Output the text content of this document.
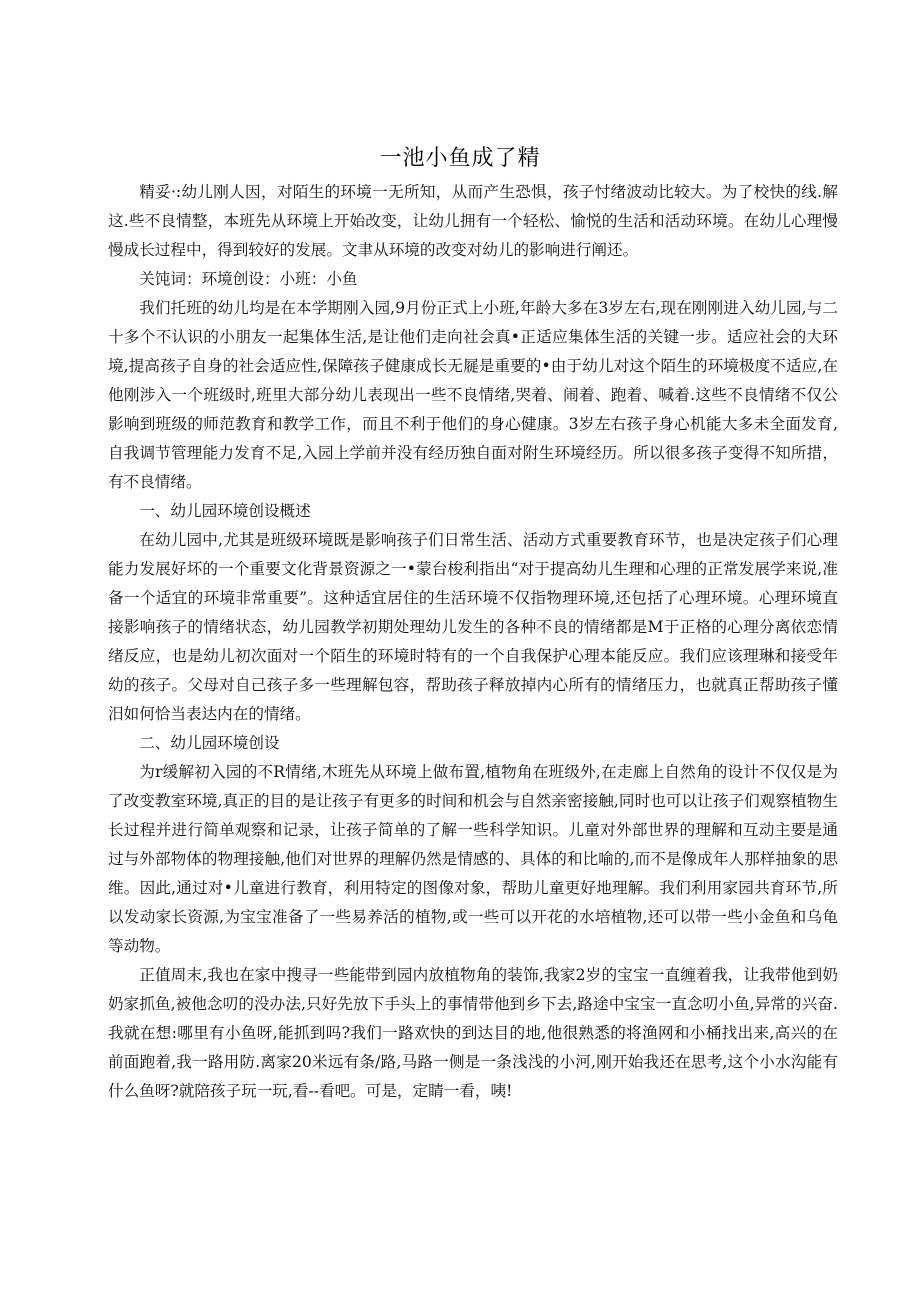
一池小鱼成了精

精妥·:幼儿刚人因，对陌生的环境一无所知，从而产生恐惧，孩子忖绪波动比较大。为了校快的线.解这.些不良情整，本班先从环境上开始改变，让幼儿拥有一个轻松、愉悦的生活和活动环境。在幼儿心理慢慢成长过程中，得到较好的发展。文聿从环境的改变对幼儿的影响进行阐还。

关饨词：环境创设：小班：小鱼

我们托班的幼儿均是在本学期刚入园,9月份正式上小班,年龄大多在3岁左右,现在刚刚进入幼儿园,与二十多个不认识的小朋友一起集体生活,是让他们走向社会真•正适应集体生活的关键一步。适应社会的大环境,提高孩子自身的社会适应性,保障孩子健康成长无屣是重要的•由于幼儿对这个陌生的环境极度不适应,在他刚涉入一个班级时,班里大部分幼儿表现出一些不良情绪,哭着、闹着、跑着、喊着.这些不良情绪不仅公影响到班级的师范教育和教学工作，而且不利于他们的身心健康。3岁左右孩子身心机能大多未全面发育,自我调节管理能力发育不足,入园上学前并没有经历独自面对附生环境经历。所以很多孩子变得不知所措，有不良情绪。

一、幼儿园环境创设概述

在幼儿园中,尤其是班级环境既是影响孩子们日常生活、活动方式重要教育环节，也是决定孩子们心理能力发展好坏的一个重要文化背景资源之一•蒙台梭利指出“对于提高幼儿生理和心理的正常发展学来说,准备一个适宜的环境非常重要”。这种适宜居住的生活环境不仅指物理环境,还包括了心理环境。心理环境直接影响孩子的情绪状态，幼儿园教学初期处理幼儿发生的各种不良的情绪都是M于正格的心理分离依恋情绪反应，也是幼儿初次面对一个陌生的环境时特有的一个自我保护心理本能反应。我们应该理琳和接受年幼的孩子。父母对自己孩子多一些理解包容，帮助孩子释放掉内心所有的情绪压力，也就真正帮助孩子懂汨如何恰当表达内在的情绪。

二、幼儿园环境创设

为r缓解初入园的不R情绪,木班先从环境上做布置,植物角在班级外,在走廊上自然角的设计不仅仅是为了改变教室环境,真正的目的是让孩子有更多的时间和机会与自然亲密接触,同时也可以让孩子们观察植物生长过程并进行简单观察和记录，让孩子简单的了解一些科学知识。儿童对外部世界的理解和互动主要是通过与外部物体的物理接触,他们对世界的理解仍然是情感的、具体的和比喻的,而不是像成年人那样抽象的思维。因此,通过对•儿童进行教育，利用特定的图像对象，帮助儿童更好地理解。我们利用家园共育环节,所以发动家长资源,为宝宝准备了一些易养活的植物,或一些可以开花的水培植物,还可以带一些小金鱼和乌龟等动物。

正值周末,我也在家中搜寻一些能带到园内放植物角的装饰,我家2岁的宝宝一直缠着我，让我带他到奶奶家抓鱼,被他念叨的没办法,只好先放下手头上的事情带他到乡下去,路途中宝宝一直念叨小鱼,异常的兴奋.我就在想:哪里有小鱼呀,能抓到吗?我们一路欢快的到达目的地,他很熟悉的将渔网和小桶找出来,高兴的在前面跑着,我一路用防.离家20米远有条/路,马路一侧是一条浅浅的小河,刚开始我还在思考,这个小水沟能有什么鱼呀?就陪孩子玩一玩,看--看吧。可是，定睛一看，咦!
